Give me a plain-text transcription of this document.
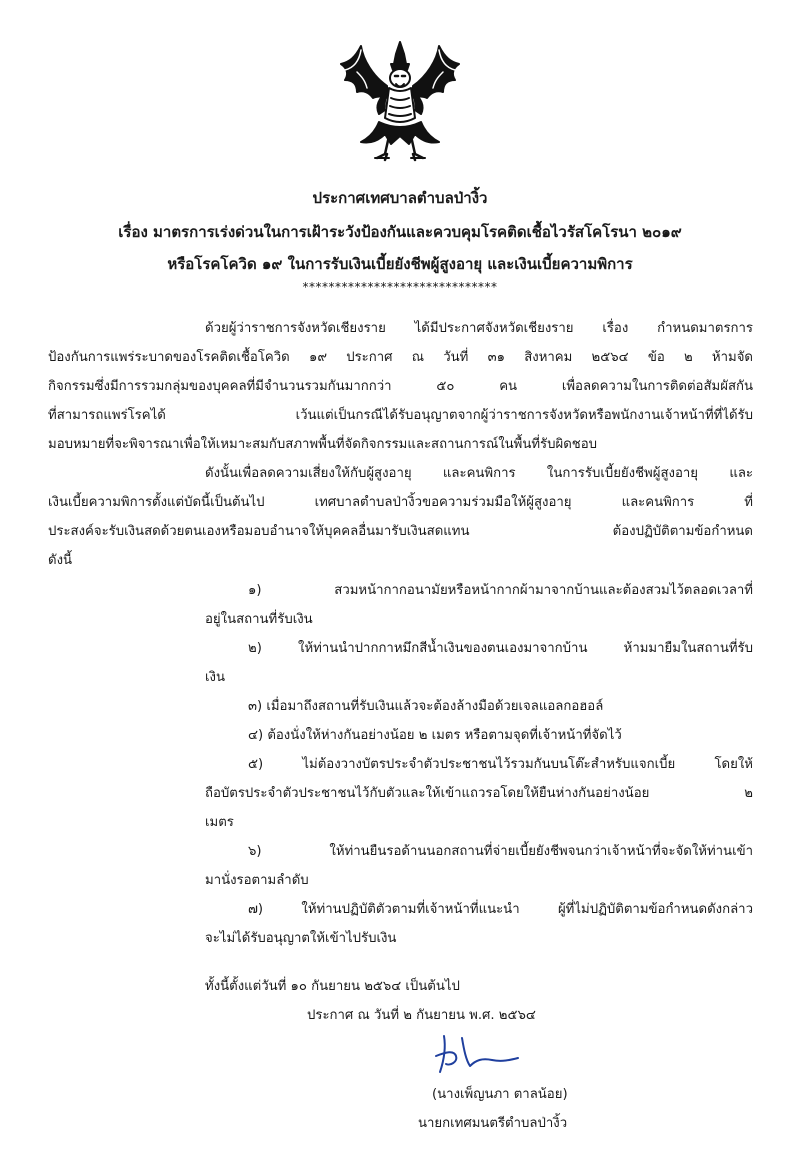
ประกาศเทศบาลตำบลป่างิ้ว
เรื่อง มาตรการเร่งด่วนในการเฝ้าระวังป้องกันและควบคุมโรคติดเชื้อไวรัสโคโรนา ๒๐๑๙
หรือโรคโควิด ๑๙ ในการรับเงินเบี้ยยังชีพผู้สูงอายุ และเงินเบี้ยความพิการ
******************************
ด้วยผู้ว่าราชการจังหวัดเชียงราย ได้มีประกาศจังหวัดเชียงราย เรื่อง กำหนดมาตรการ
ป้องกันการแพร่ระบาดของโรคติดเชื้อโควิด ๑๙ ประกาศ ณ วันที่ ๓๑ สิงหาคม ๒๕๖๔ ข้อ ๒ ห้ามจัด
กิจกรรมซึ่งมีการรวมกลุ่มของบุคคลที่มีจำนวนรวมกันมากกว่า ๕๐ คน เพื่อลดความในการติดต่อสัมผัสกัน
ที่สามารถแพร่โรคได้ เว้นแต่เป็นกรณีได้รับอนุญาตจากผู้ว่าราชการจังหวัดหรือพนักงานเจ้าหน้าที่ที่ได้รับ
มอบหมายที่จะพิจารณาเพื่อให้เหมาะสมกับสภาพพื้นที่จัดกิจกรรมและสถานการณ์ในพื้นที่รับผิดชอบ
ดังนั้นเพื่อลดความเสี่ยงให้กับผู้สูงอายุ และคนพิการ ในการรับเบี้ยยังชีพผู้สูงอายุ และ
เงินเบี้ยความพิการตั้งแต่บัดนี้เป็นต้นไป เทศบาลตำบลป่างิ้วขอความร่วมมือให้ผู้สูงอายุ และคนพิการ ที่
ประสงค์จะรับเงินสดด้วยตนเองหรือมอบอำนาจให้บุคคลอื่นมารับเงินสดแทน ต้องปฏิบัติตามข้อกำหนด
ดังนี้
๑) สวมหน้ากากอนามัยหรือหน้ากากผ้ามาจากบ้านและต้องสวมไว้ตลอดเวลาที่
อยู่ในสถานที่รับเงิน
๒) ให้ท่านนำปากกาหมึกสีน้ำเงินของตนเองมาจากบ้าน ห้ามมายืมในสถานที่รับ
เงิน
๓) เมื่อมาถึงสถานที่รับเงินแล้วจะต้องล้างมือด้วยเจลแอลกอฮอล์
๔) ต้องนั่งให้ห่างกันอย่างน้อย ๒ เมตร หรือตามจุดที่เจ้าหน้าที่จัดไว้
๕) ไม่ต้องวางบัตรประจำตัวประชาชนไว้รวมกันบนโต๊ะสำหรับแจกเบี้ย โดยให้
ถือบัตรประจำตัวประชาชนไว้กับตัวและให้เข้าแถวรอโดยให้ยืนห่างกันอย่างน้อย ๒
เมตร
๖) ให้ท่านยืนรอด้านนอกสถานที่จ่ายเบี้ยยังชีพจนกว่าเจ้าหน้าที่จะจัดให้ท่านเข้า
มานั่งรอตามลำดับ
๗) ให้ท่านปฏิบัติตัวตามที่เจ้าหน้าที่แนะนำ ผู้ที่ไม่ปฏิบัติตามข้อกำหนดดังกล่าว
จะไม่ได้รับอนุญาตให้เข้าไปรับเงิน
ทั้งนี้ตั้งแต่วันที่ ๑๐ กันยายน ๒๕๖๔ เป็นต้นไป
ประกาศ ณ วันที่ ๒ กันยายน พ.ศ. ๒๕๖๔
(นางเพ็ญนภา ตาลน้อย)
นายกเทศมนตรีตำบลป่างิ้ว
